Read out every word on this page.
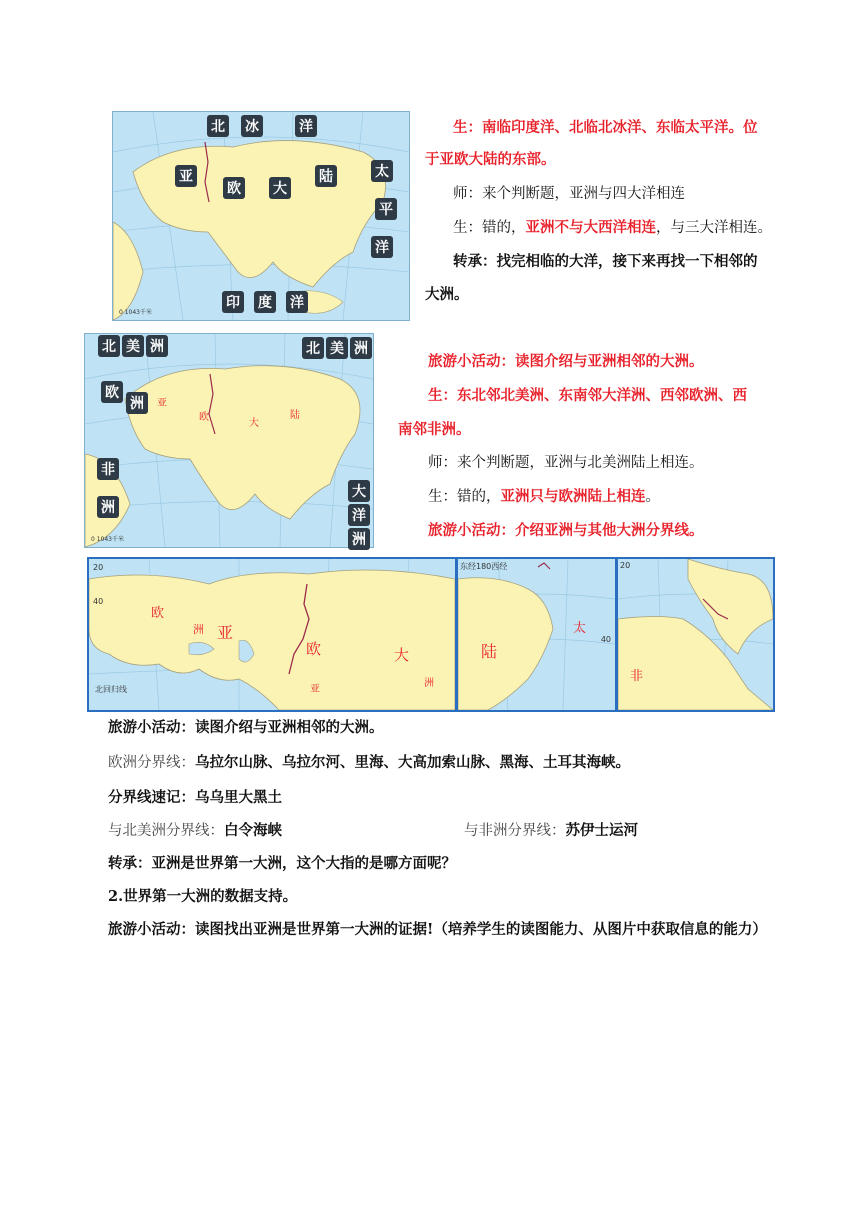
0 1043千米
北 冰	洋
亚
欧 大
陆	太
平
洋
印 度 洋
生：南临印度洋、北临北冰洋、东临太平洋。位
于亚欧大陆的东部。
师：来个判断题，亚洲与四大洋相连
生：错的，亚洲不与大西洋相连，与三大洋相连。
转承：找完相临的大洋，接下来再找一下相邻的
大洲。
0 1043千米
亚
欧
大
陆
北 美 洲	北 美 洲
欧
洲
非
洲
大
洋
洲
旅游小活动：读图介绍与亚洲相邻的大洲。
生：东北邻北美洲、东南邻大洋洲、西邻欧洲、西
南邻非洲。
师：来个判断题，亚洲与北美洲陆上相连。
生：错的，亚洲只与欧洲陆上相连。
旅游小活动：介绍亚洲与其他大洲分界线。
欧
洲 亚
欧	大
亚
洲
20
40
北回归线
东经180西经
陆
太
40
非
20
旅游小活动：读图介绍与亚洲相邻的大洲。
欧洲分界线：乌拉尔山脉、乌拉尔河、里海、大高加索山脉、黑海、土耳其海峡。
分界线速记：乌乌里大黑土
与北美洲分界线：白令海峡	与非洲分界线：苏伊士运河
转承：亚洲是世界第一大洲，这个大指的是哪方面呢？
2.世界第一大洲的数据支持。
旅游小活动：读图找出亚洲是世界第一大洲的证据!（培养学生的读图能力、从图片中获取信息的能力）
